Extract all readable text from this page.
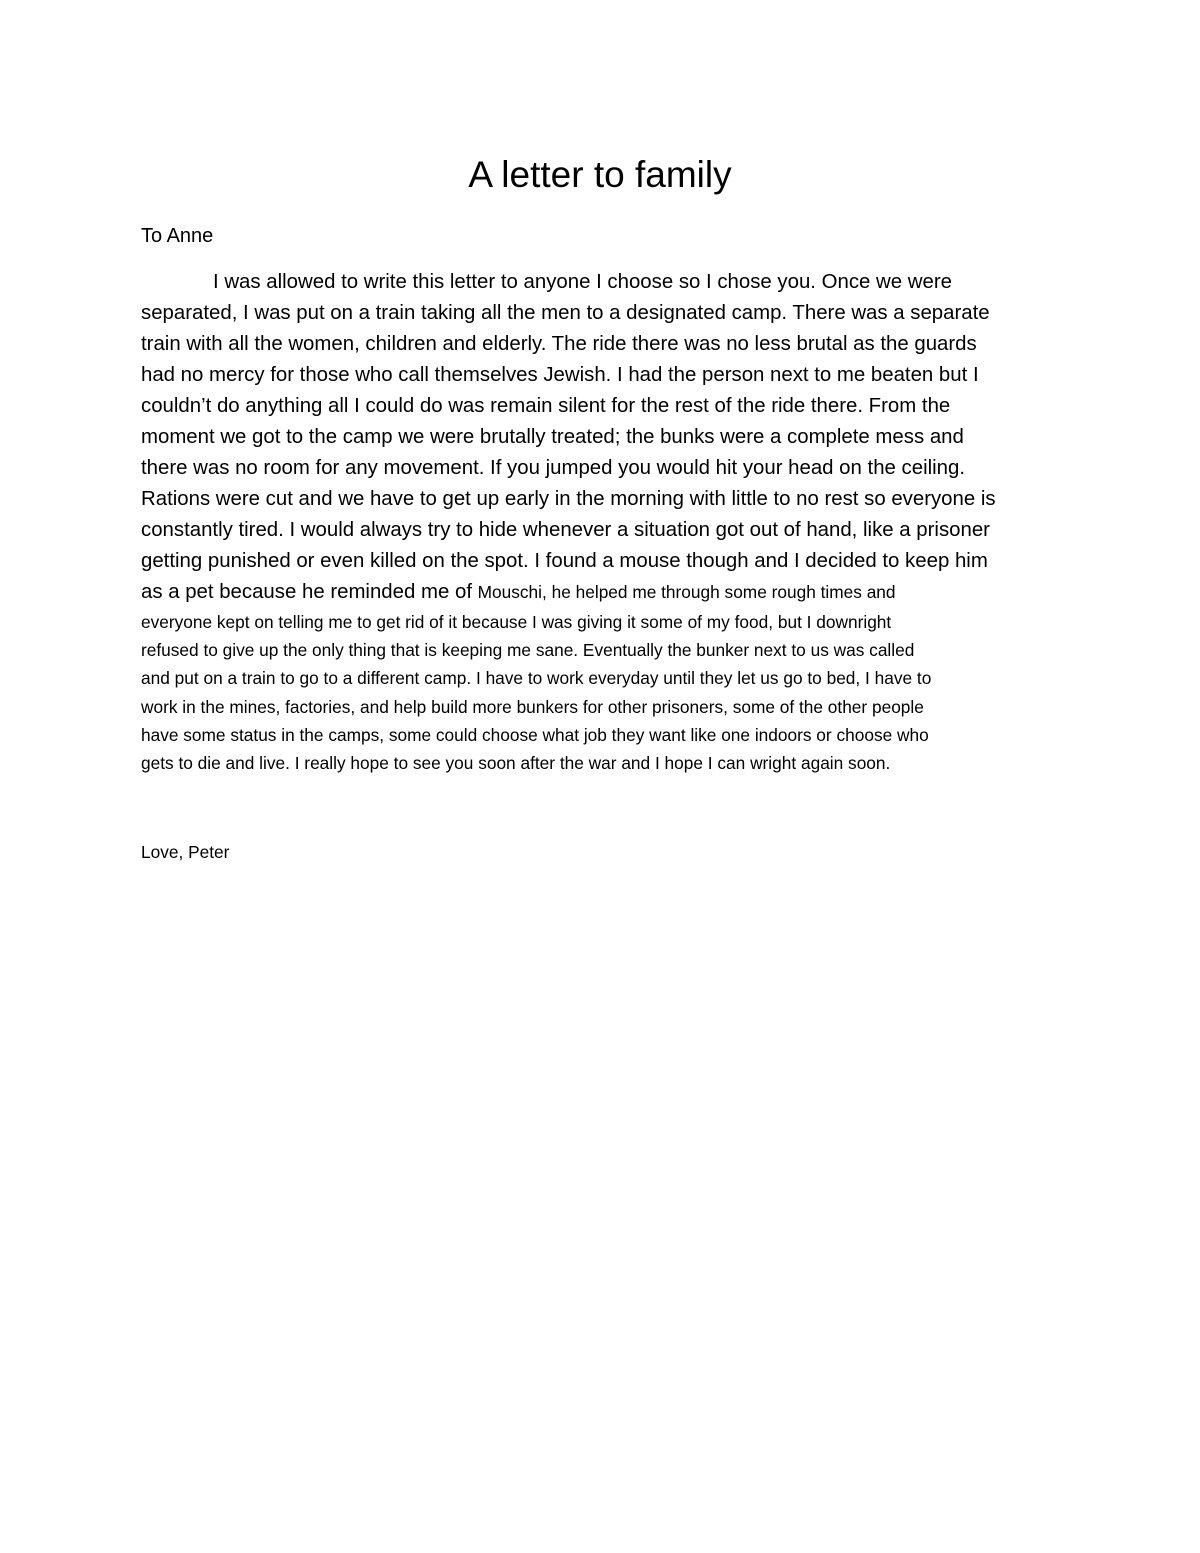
A letter to family
To Anne
I was allowed to write this letter to anyone I choose so I chose you. Once we were
separated, I was put on a train taking all the men to a designated camp. There was a separate
train with all the women, children and elderly. The ride there was no less brutal as the guards
had no mercy for those who call themselves Jewish. I had the person next to me beaten but I
couldn’t do anything all I could do was remain silent for the rest of the ride there. From the
moment we got to the camp we were brutally treated; the bunks were a complete mess and
there was no room for any movement. If you jumped you would hit your head on the ceiling.
Rations were cut and we have to get up early in the morning with little to no rest so everyone is
constantly tired. I would always try to hide whenever a situation got out of hand, like a prisoner
getting punished or even killed on the spot. I found a mouse though and I decided to keep him
as a pet because he reminded me of Mouschi, he helped me through some rough times and
everyone kept on telling me to get rid of it because I was giving it some of my food, but I downright
refused to give up the only thing that is keeping me sane. Eventually the bunker next to us was called
and put on a train to go to a different camp. I have to work everyday until they let us go to bed, I have to
work in the mines, factories, and help build more bunkers for other prisoners, some of the other people
have some status in the camps, some could choose what job they want like one indoors or choose who
gets to die and live. I really hope to see you soon after the war and I hope I can wright again soon.
Love, Peter
